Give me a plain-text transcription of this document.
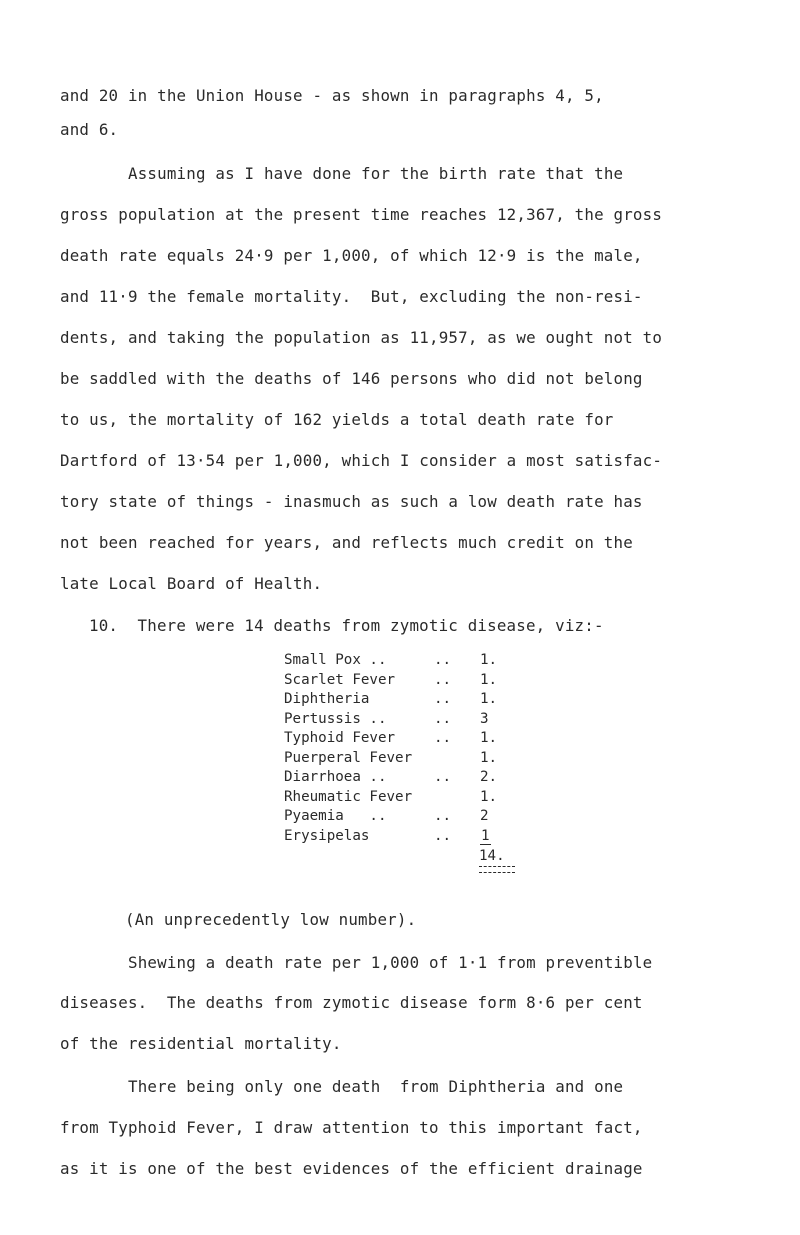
and 20 in the Union House - as shown in paragraphs 4, 5,
and 6.
Assuming as I have done for the birth rate that the
gross population at the present time reaches 12,367, the gross
death rate equals 24·9 per 1,000, of which 12·9 is the male,
and 11·9 the female mortality.  But, excluding the non-resi-
dents, and taking the population as 11,957, as we ought not to
be saddled with the deaths of 146 persons who did not belong
to us, the mortality of 162 yields a total death rate for
Dartford of 13·54 per 1,000, which I consider a most satisfac-
tory state of things - inasmuch as such a low death rate has
not been reached for years, and reflects much credit on the
late Local Board of Health.
10.  There were 14 deaths from zymotic disease, viz:-
Small Pox ..	.. 1.
Scarlet Fever	.. 1.
Diphtheria	.. 1.
Pertussis ..	.. 3
Typhoid Fever	.. 1.
Puerperal Fever	1.
Diarrhoea ..	.. 2.
Rheumatic Fever	1.
Pyaemia   ..	.. 2
Erysipelas	.. 1
14.
(An unprecedently low number).
Shewing a death rate per 1,000 of 1·1 from preventible
diseases.  The deaths from zymotic disease form 8·6 per cent
of the residential mortality.
There being only one death  from Diphtheria and one
from Typhoid Fever, I draw attention to this important fact,
as it is one of the best evidences of the efficient drainage
